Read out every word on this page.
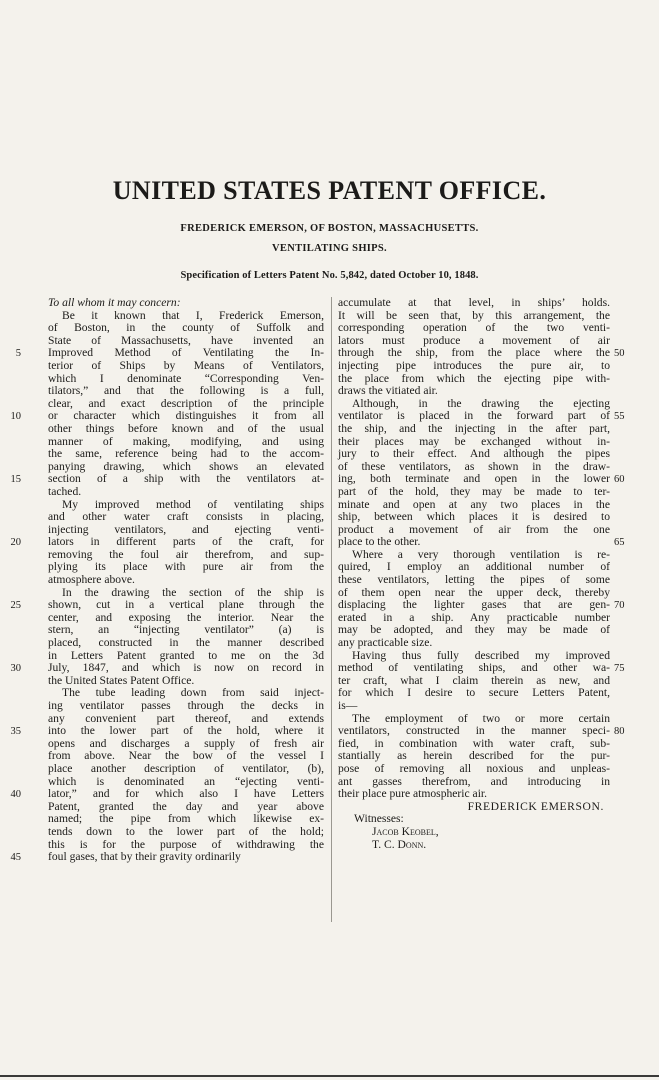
UNITED STATES PATENT OFFICE.
FREDERICK EMERSON, OF BOSTON, MASSACHUSETTS.
VENTILATING SHIPS.
Specification of Letters Patent No. 5,842, dated October 10, 1848.
To all whom it may concern:
Be it known that I, Frederick Emerson,
of Boston, in the county of Suffolk and
State of Massachusetts, have invented an
Improved Method of Ventilating the In-
terior of Ships by Means of Ventilators,
which I denominate “Corresponding Ven-
tilators,” and that the following is a full,
clear, and exact description of the principle
or character which distinguishes it from all
other things before known and of the usual
manner of making, modifying, and using
the same, reference being had to the accom-
panying drawing, which shows an elevated
section of a ship with the ventilators at-
tached.
My improved method of ventilating ships
and other water craft consists in placing,
injecting ventilators, and ejecting venti-
lators in different parts of the craft, for
removing the foul air therefrom, and sup-
plying its place with pure air from the
atmosphere above.
In the drawing the section of the ship is
shown, cut in a vertical plane through the
center, and exposing the interior. Near the
stern, an “injecting ventilator” (a) is
placed, constructed in the manner described
in Letters Patent granted to me on the 3d
July, 1847, and which is now on record in
the United States Patent Office.
The tube leading down from said inject-
ing ventilator passes through the decks in
any convenient part thereof, and extends
into the lower part of the hold, where it
opens and discharges a supply of fresh air
from above. Near the bow of the vessel I
place another description of ventilator, (b),
which is denominated an “ejecting venti-
lator,” and for which also I have Letters
Patent, granted the day and year above
named; the pipe from which likewise ex-
tends down to the lower part of the hold;
this is for the purpose of withdrawing the
foul gases, that by their gravity ordinarily
accumulate at that level, in ships’ holds.
It will be seen that, by this arrangement, the
corresponding operation of the two venti-
lators must produce a movement of air
through the ship, from the place where the
injecting pipe introduces the pure air, to
the place from which the ejecting pipe with-
draws the vitiated air.
Although, in the drawing the ejecting
ventilator is placed in the forward part of
the ship, and the injecting in the after part,
their places may be exchanged without in-
jury to their effect. And although the pipes
of these ventilators, as shown in the draw-
ing, both terminate and open in the lower
part of the hold, they may be made to ter-
minate and open at any two places in the
ship, between which places it is desired to
product a movement of air from the one
place to the other.
Where a very thorough ventilation is re-
quired, I employ an additional number of
these ventilators, letting the pipes of some
of them open near the upper deck, thereby
displacing the lighter gases that are gen-
erated in a ship. Any practicable number
may be adopted, and they may be made of
any practicable size.
Having thus fully described my improved
method of ventilating ships, and other wa-
ter craft, what I claim therein as new, and
for which I desire to secure Letters Patent,
is—
The employment of two or more certain
ventilators, constructed in the manner speci-
fied, in combination with water craft, sub-
stantially as herein described for the pur-
pose of removing all noxious and unpleas-
ant gasses therefrom, and introducing in
their place pure atmospheric air.
FREDERICK EMERSON.
Witnesses:
Jacob Keobel,
T. C. Donn.
5
10
15
20
25
30
35
40
45
50
55
60
65
70
75
80
